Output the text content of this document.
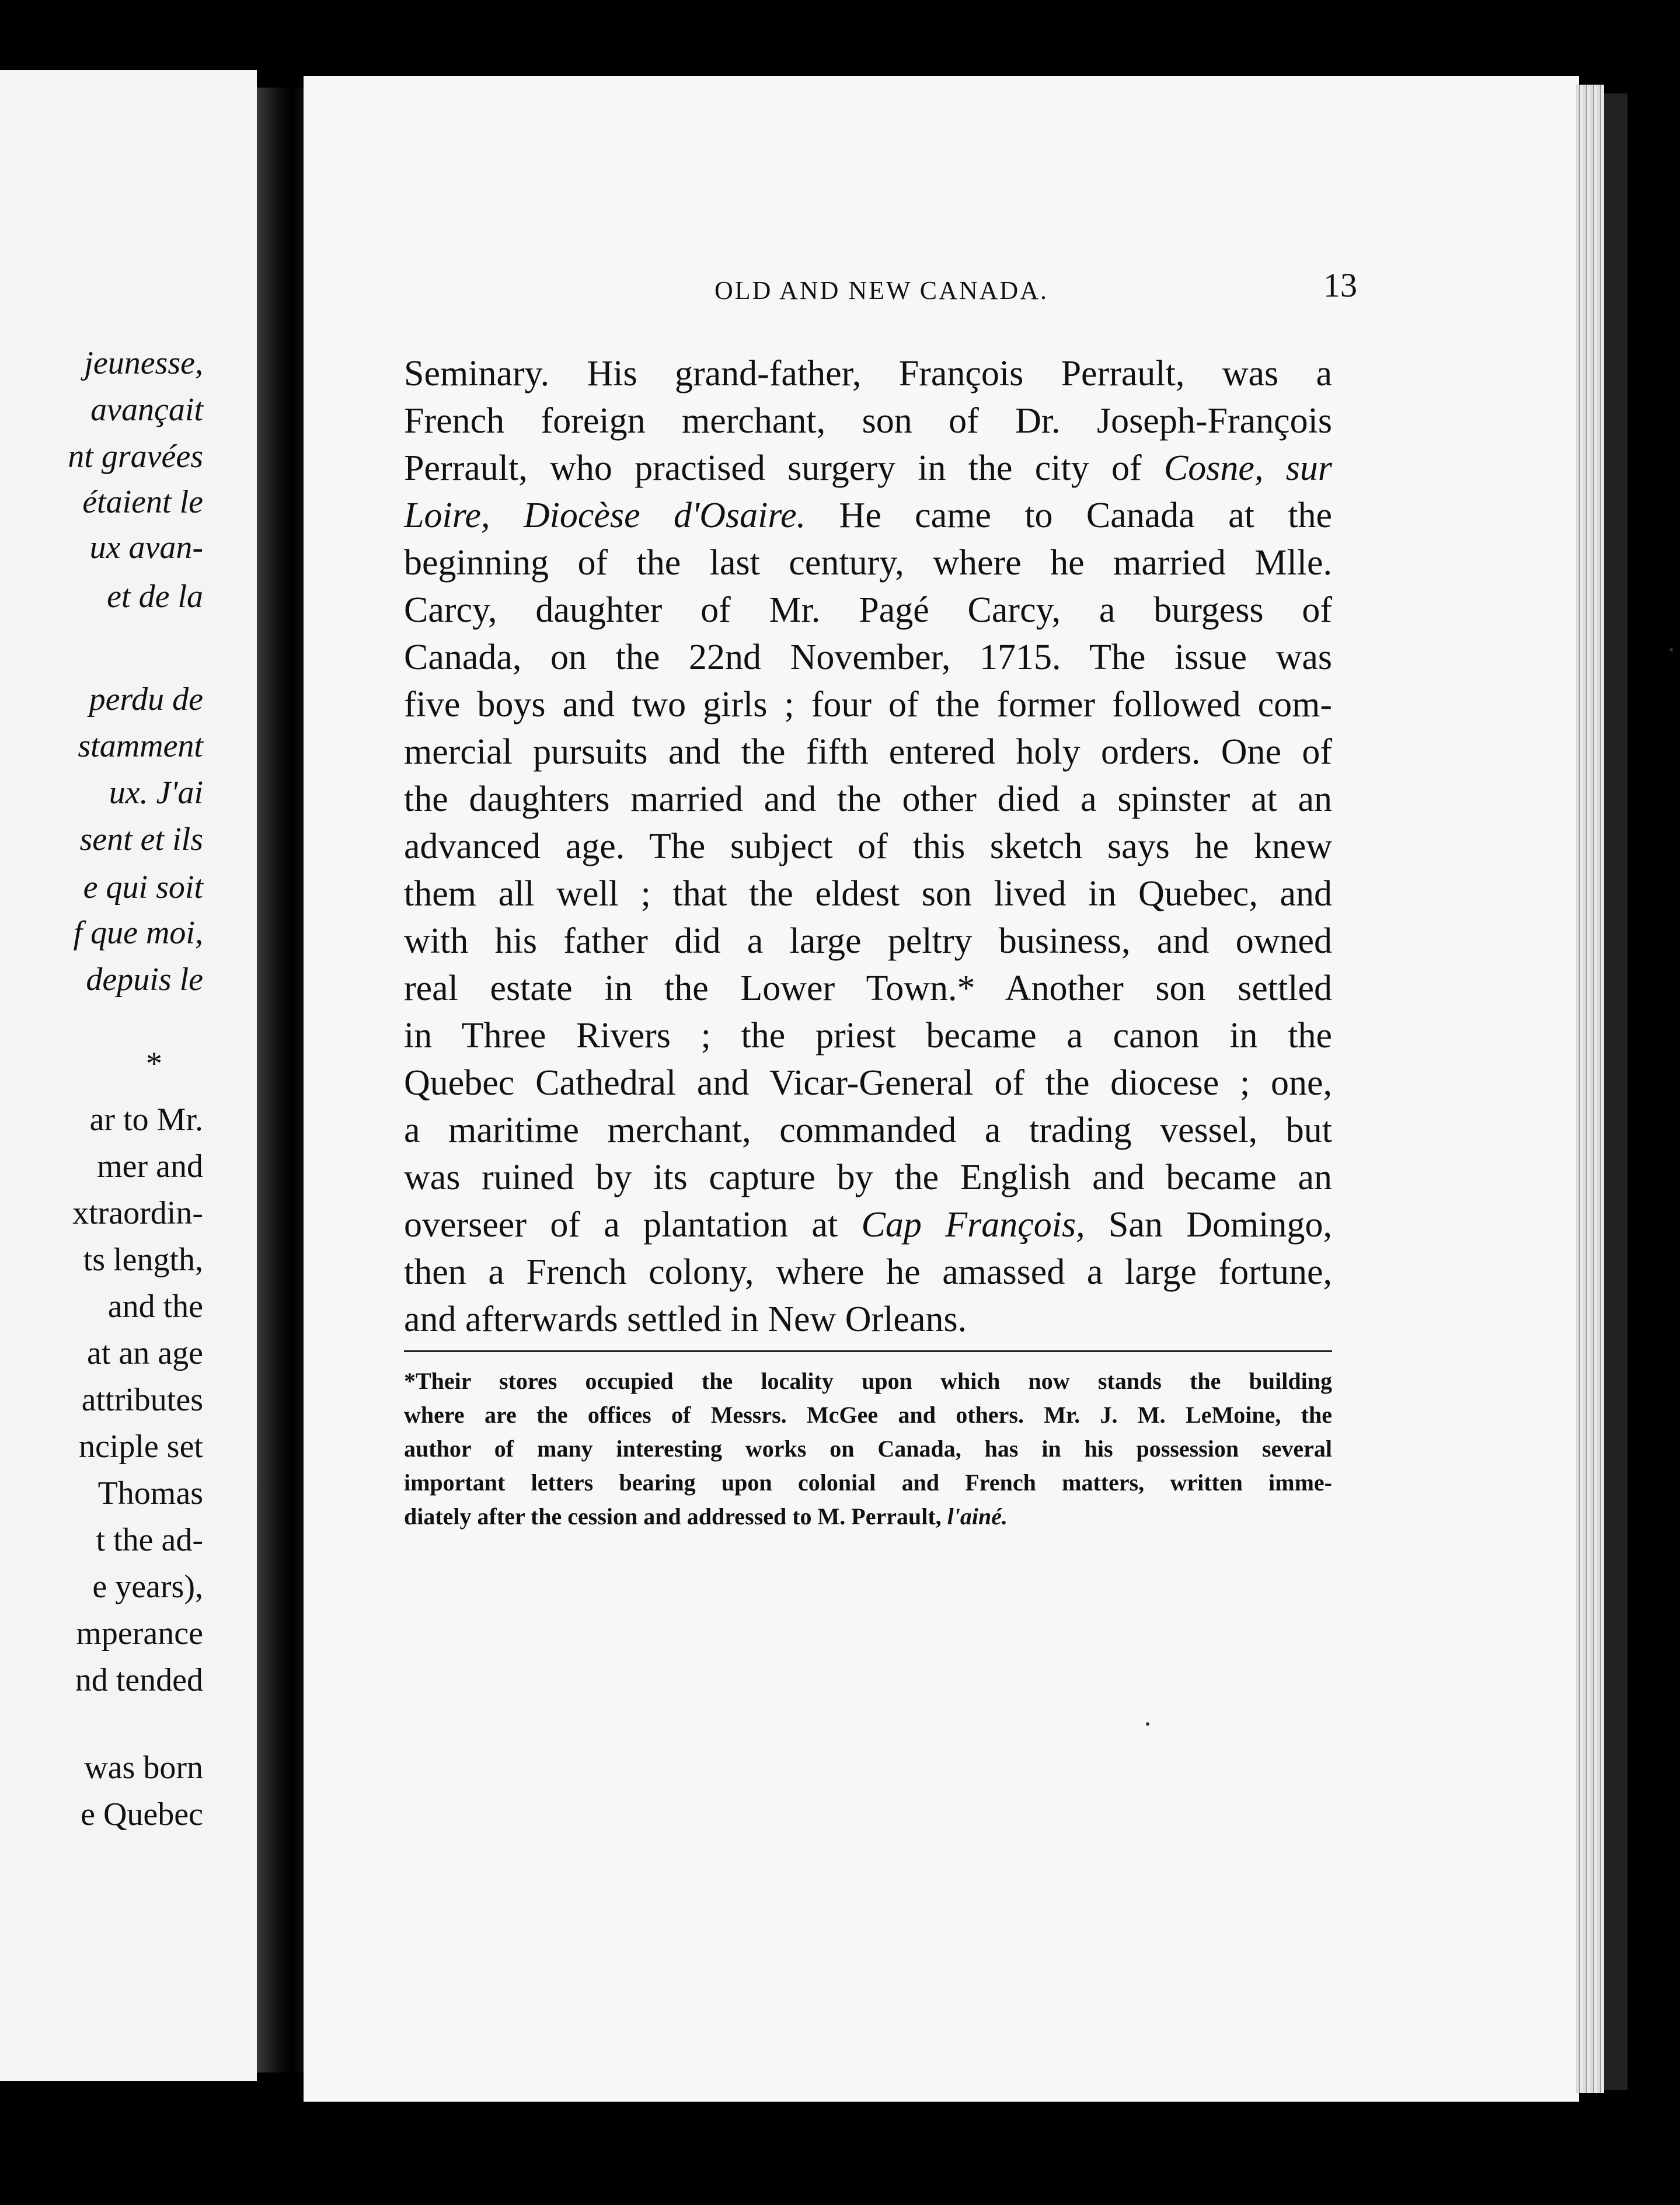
jeunesse,
avançait
nt gravées
étaient le
ux avan-
et de la
perdu de
stamment
ux. J'ai
sent et ils
e qui soit
f que moi,
depuis le
*
ar to Mr.
mer and
xtraordin-
ts length,
and the
at an age
attributes
nciple set
Thomas
t the ad-
e years),
mperance
nd tended
was born
e Quebec
OLD AND NEW CANADA.	13
Seminary. His grand-father, François Perrault, was a
French foreign merchant, son of Dr. Joseph-François
Perrault, who practised surgery in the city of Cosne, sur
Loire, Diocèse d'Osaire. He came to Canada at the
beginning of the last century, where he married Mlle.
Carcy, daughter of Mr. Pagé Carcy, a burgess of
Canada, on the 22nd November, 1715. The issue was
five boys and two girls ; four of the former followed com-
mercial pursuits and the fifth entered holy orders. One of
the daughters married and the other died a spinster at an
advanced age. The subject of this sketch says he knew
them all well ; that the eldest son lived in Quebec, and
with his father did a large peltry business, and owned
real estate in the Lower Town.* Another son settled
in Three Rivers ; the priest became a canon in the
Quebec Cathedral and Vicar-General of the diocese ; one,
a maritime merchant, commanded a trading vessel, but
was ruined by its capture by the English and became an
overseer of a plantation at Cap François, San Domingo,
then a French colony, where he amassed a large fortune,
and afterwards settled in New Orleans.
*Their stores occupied the locality upon which now stands the building
where are the offices of Messrs. McGee and others. Mr. J. M. LeMoine, the
author of many interesting works on Canada, has in his possession several
important letters bearing upon colonial and French matters, written imme-
diately after the cession and addressed to M. Perrault, l'ainé.
